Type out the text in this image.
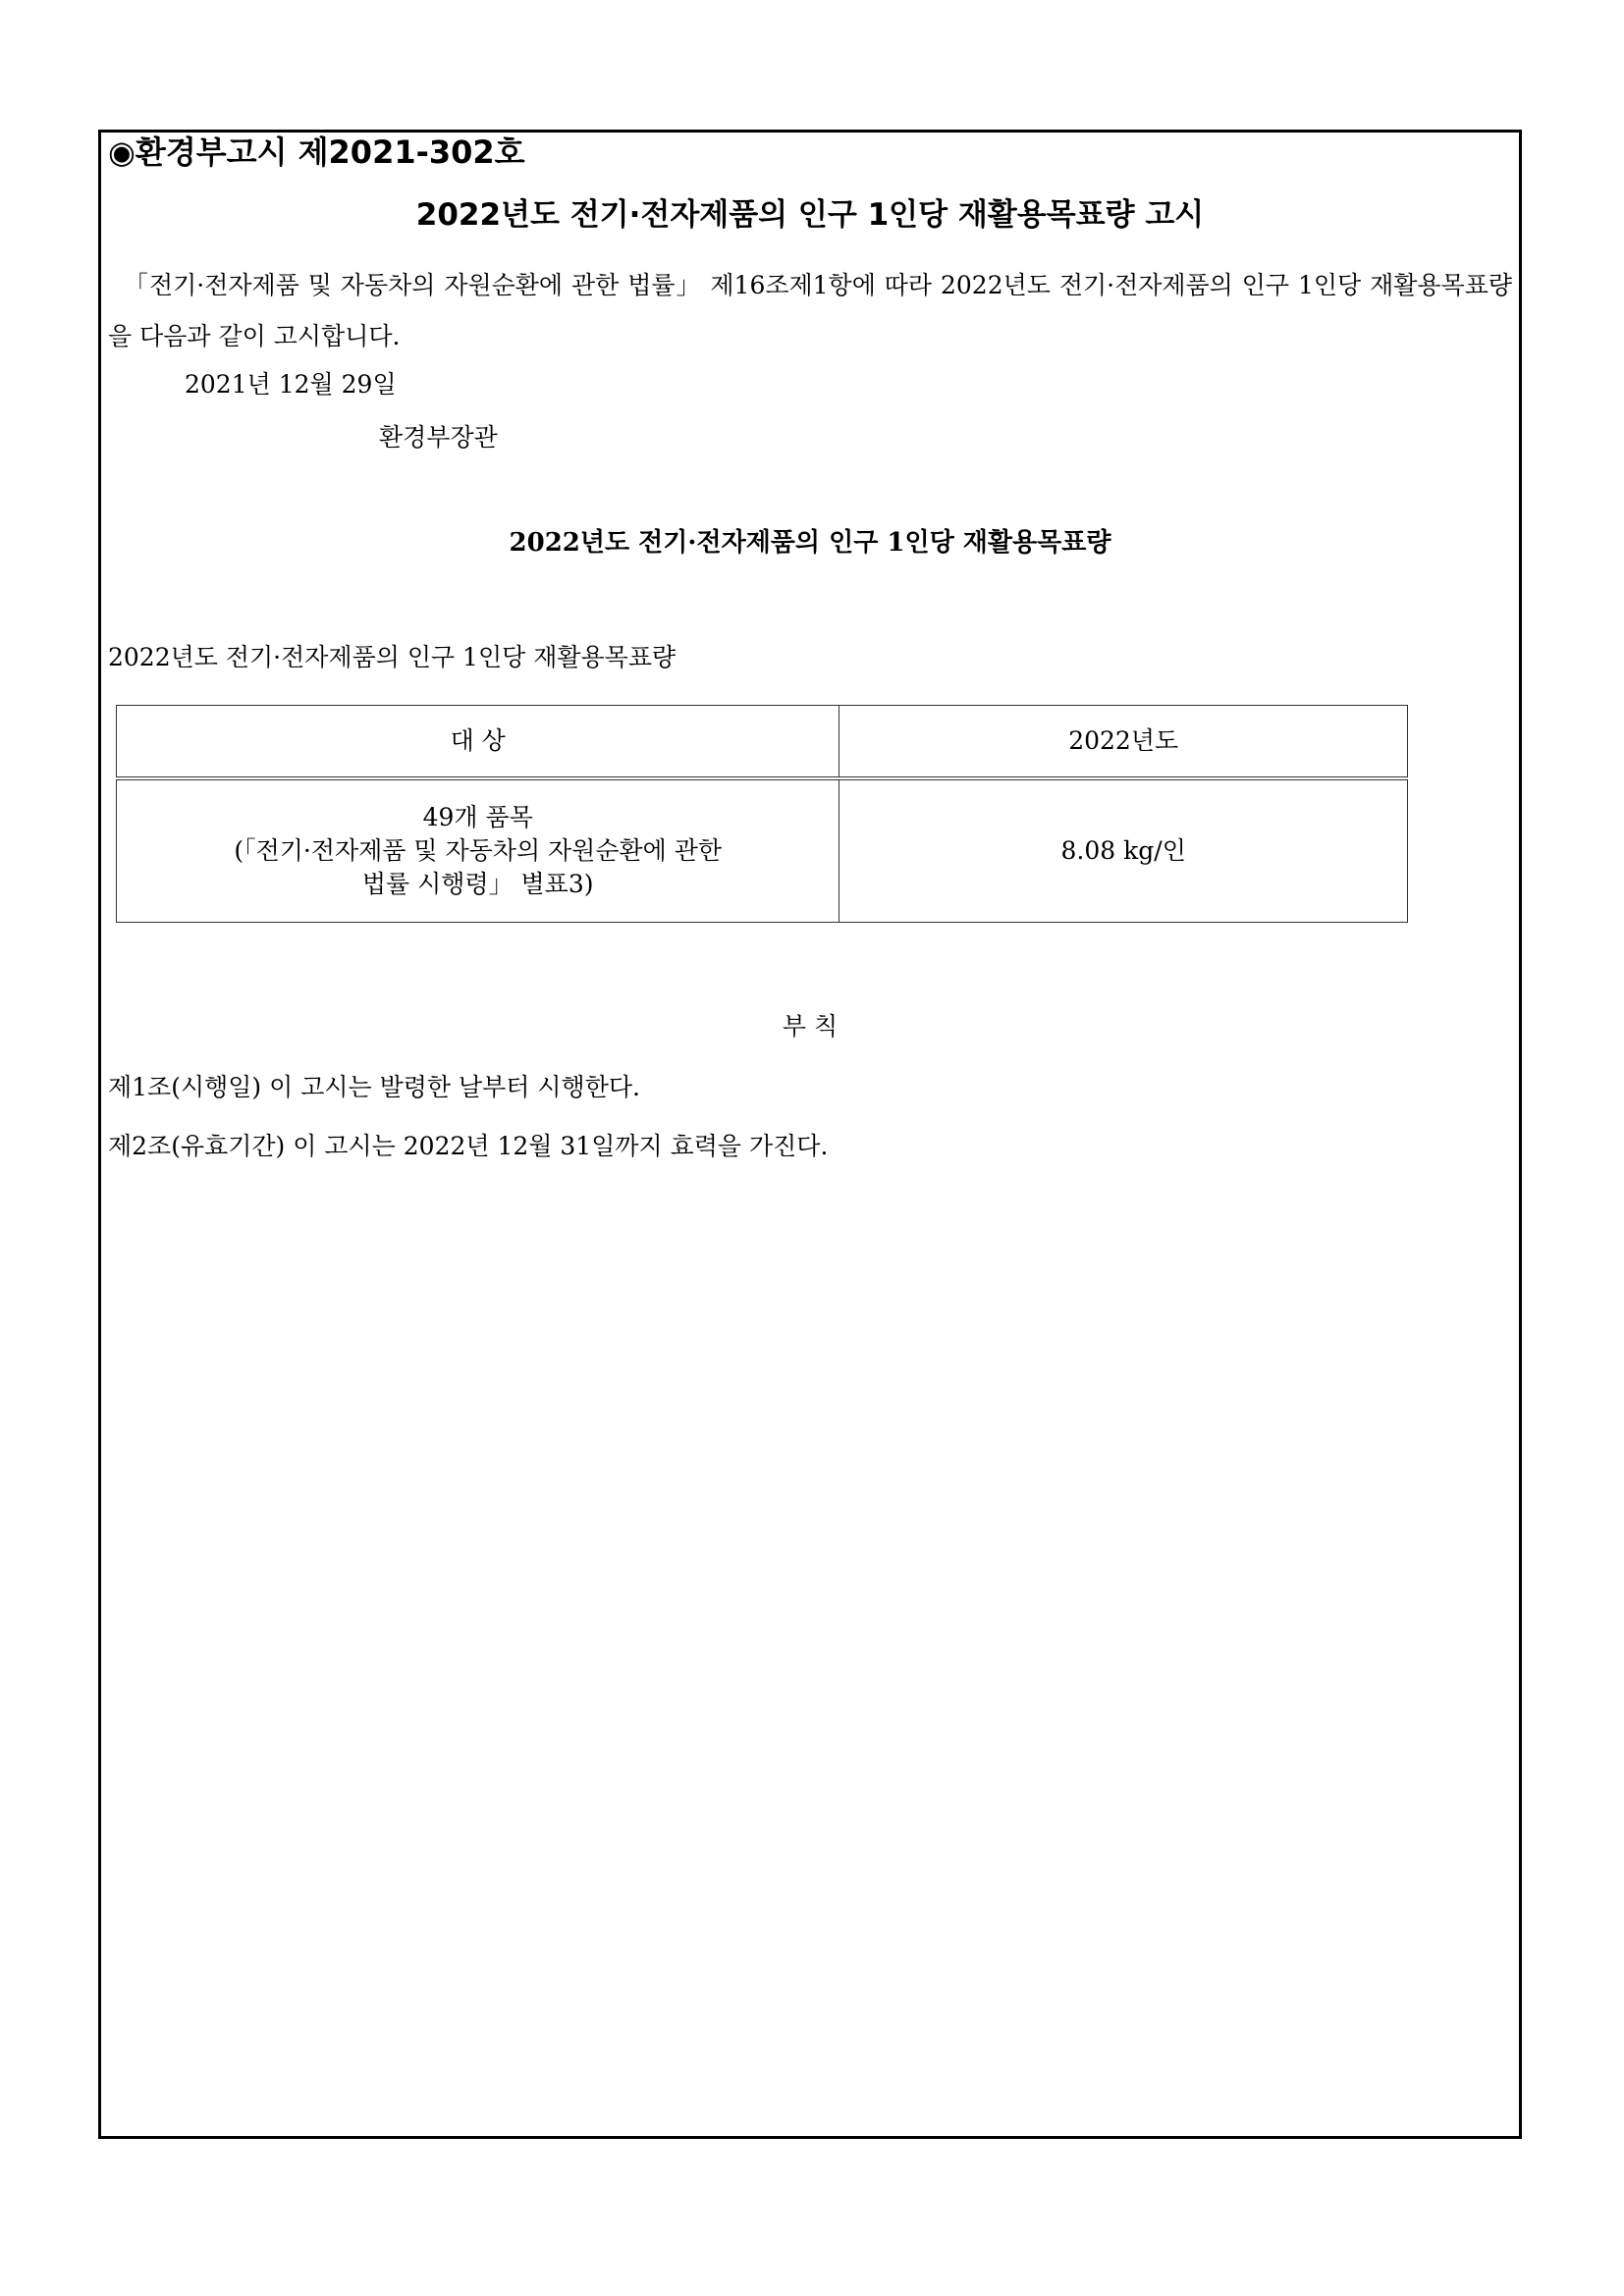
◉환경부고시 제2021-302호
2022년도 전기·전자제품의 인구 1인당 재활용목표량 고시
「전기·전자제품 및 자동차의 자원순환에 관한 법률」 제16조제1항에 따라 2022년도 전기·전자제품의 인구 1인당 재활용목표량을 다음과 같이 고시합니다.
2021년 12월 29일
환경부장관
2022년도 전기·전자제품의 인구 1인당 재활용목표량
2022년도 전기·전자제품의 인구 1인당 재활용목표량
대 상	2022년도

49개 품목
(「전기·전자제품 및 자동차의 자원순환에 관한
법률 시행령」 별표3)	8.08 kg/인
부 칙
제1조(시행일) 이 고시는 발령한 날부터 시행한다.
제2조(유효기간) 이 고시는 2022년 12월 31일까지 효력을 가진다.
